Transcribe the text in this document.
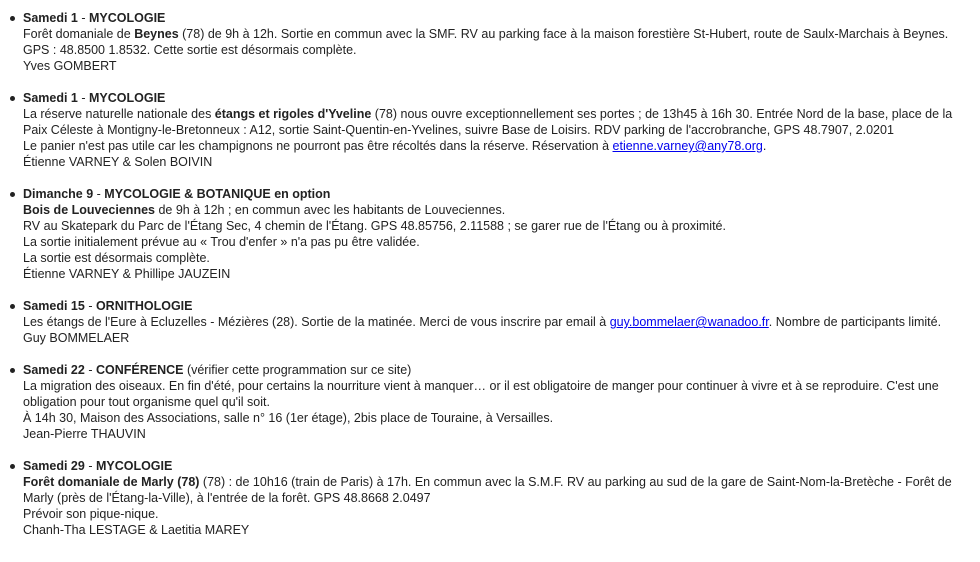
Samedi 1 - MYCOLOGIE
Forêt domaniale de Beynes (78) de 9h à 12h. Sortie en commun avec la SMF. RV au parking face à la maison forestière St-Hubert, route de Saulx-Marchais à Beynes. GPS : 48.8500 1.8532. Cette sortie est désormais complète.
Yves GOMBERT
Samedi 1 - MYCOLOGIE
La réserve naturelle nationale des étangs et rigoles d'Yveline (78) nous ouvre exceptionnellement ses portes ; de 13h45 à 16h 30. Entrée Nord de la base, place de la Paix Céleste à Montigny-le-Bretonneux : A12, sortie Saint-Quentin-en-Yvelines, suivre Base de Loisirs. RDV parking de l'accrobranche, GPS 48.7907, 2.0201
Le panier n'est pas utile car les champignons ne pourront pas être récoltés dans la réserve. Réservation à etienne.varney@any78.org.
Étienne VARNEY & Solen BOIVIN
Dimanche 9 - MYCOLOGIE & BOTANIQUE en option
Bois de Louveciennes de 9h à 12h ; en commun avec les habitants de Louveciennes.
RV au Skatepark du Parc de l'Étang Sec, 4 chemin de l'Étang. GPS 48.85756, 2.11588 ; se garer rue de l'Étang ou à proximité.
La sortie initialement prévue au « Trou d'enfer » n'a pas pu être validée.
La sortie est désormais complète.
Étienne VARNEY & Phillipe JAUZEIN
Samedi 15 - ORNITHOLOGIE
Les étangs de l'Eure à Ecluzelles - Mézières (28). Sortie de la matinée. Merci de vous inscrire par email à guy.bommelaer@wanadoo.fr. Nombre de participants limité.
Guy BOMMELAER
Samedi 22 - CONFÉRENCE (vérifier cette programmation sur ce site)
La migration des oiseaux. En fin d'été, pour certains la nourriture vient à manquer… or il est obligatoire de manger pour continuer à vivre et à se reproduire. C'est une obligation pour tout organisme quel qu'il soit.
À 14h 30, Maison des Associations, salle n° 16 (1er étage), 2bis place de Touraine, à Versailles.
Jean-Pierre THAUVIN
Samedi 29 - MYCOLOGIE
Forêt domaniale de Marly (78) (78) : de 10h16 (train de Paris) à 17h. En commun avec la S.M.F. RV au parking au sud de la gare de Saint-Nom-la-Bretèche - Forêt de Marly (près de l'Étang-la-Ville), à l'entrée de la forêt. GPS 48.8668 2.0497
Prévoir son pique-nique.
Chanh-Tha LESTAGE & Laetitia MAREY
